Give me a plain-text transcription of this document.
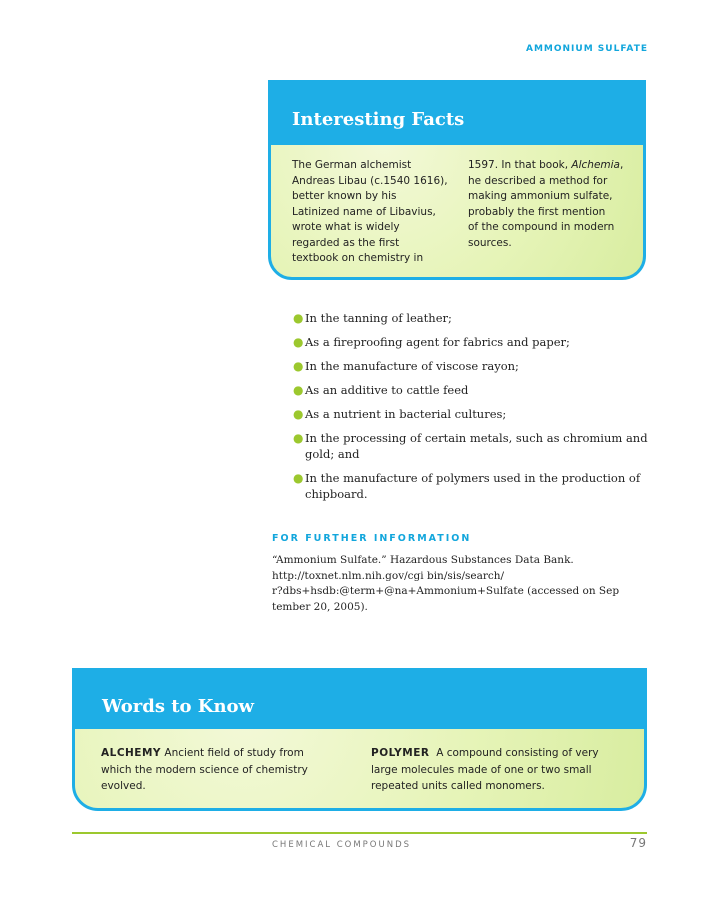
AMMONIUM SULFATE
Interesting Facts
The German alchemist
Andreas Libau (c.1540 1616),
better known by his
Latinized name of Libavius,
wrote what is widely
regarded as the first
textbook on chemistry in
1597. In that book, Alchemia,
he described a method for
making ammonium sulfate,
probably the first mention
of the compound in modern
sources.
● In the tanning of leather;
● As a fireproofing agent for fabrics and paper;
● In the manufacture of viscose rayon;
● As an additive to cattle feed
● As a nutrient in bacterial cultures;
● In the processing of certain metals, such as chromium and gold; and
● In the manufacture of polymers used in the production of chipboard.
FOR FURTHER INFORMATION
“Ammonium Sulfate.” Hazardous Substances Data Bank.
http://toxnet.nlm.nih.gov/cgi bin/sis/search/
r?dbs+hsdb:@term+@na+Ammonium+Sulfate (accessed on Sep
tember 20, 2005).
Words to Know
ALCHEMY Ancient field of study from
which the modern science of chemistry
evolved.
POLYMER A compound consisting of very
large molecules made of one or two small
repeated units called monomers.
CHEMICAL COMPOUNDS	79
